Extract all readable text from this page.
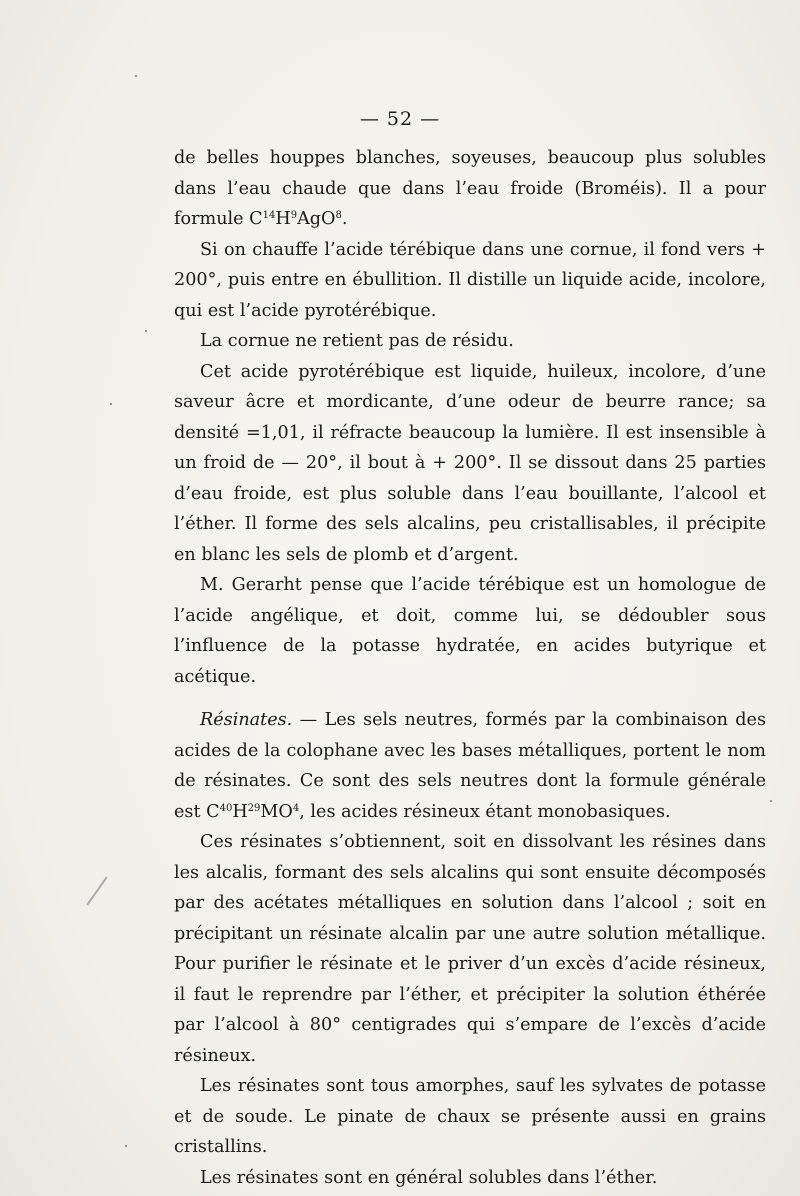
— 52 —

de belles houppes blanches, soyeuses, beaucoup plus solubles dans l’eau chaude que dans l’eau froide (Broméis). Il a pour formule $C^{14}H^9AgO^8$.

Si on chauffe l’acide térébique dans une cornue, il fond vers + 200°, puis entre en ébullition. Il distille un liquide acide, incolore, qui est l’acide pyrotérébique.

La cornue ne retient pas de résidu.

Cet acide pyrotérébique est liquide, huileux, incolore, d’une saveur âcre et mordicante, d’une odeur de beurre rance; sa densité =1,01, il réfracte beaucoup la lumière. Il est insensible à un froid de — 20°, il bout à + 200°. Il se dissout dans 25 parties d’eau froide, est plus soluble dans l’eau bouillante, l’alcool et l’éther. Il forme des sels alcalins, peu cristallisables, il précipite en blanc les sels de plomb et d’argent.

M. Gerarht pense que l’acide térébique est un homologue de l’acide angélique, et doit, comme lui, se dédoubler sous l’influence de la potasse hydratée, en acides butyrique et acétique.

Résinates. — Les sels neutres, formés par la combinaison des acides de la colophane avec les bases métalliques, portent le nom de résinates. Ce sont des sels neutres dont la formule générale est $C^{40}H^{29}MO^4$, les acides résineux étant monobasiques.

Ces résinates s’obtiennent, soit en dissolvant les résines dans les alcalis, formant des sels alcalins qui sont ensuite décomposés par des acétates métalliques en solution dans l’alcool ; soit en précipitant un résinate alcalin par une autre solution métallique. Pour purifier le résinate et le priver d’un excès d’acide résineux, il faut le reprendre par l’éther, et précipiter la solution éthérée par l’alcool à 80° centigrades qui s’empare de l’excès d’acide résineux.

Les résinates sont tous amorphes, sauf les sylvates de potasse et de soude. Le pinate de chaux se présente aussi en grains cristallins.

Les résinates sont en général solubles dans l’éther.
